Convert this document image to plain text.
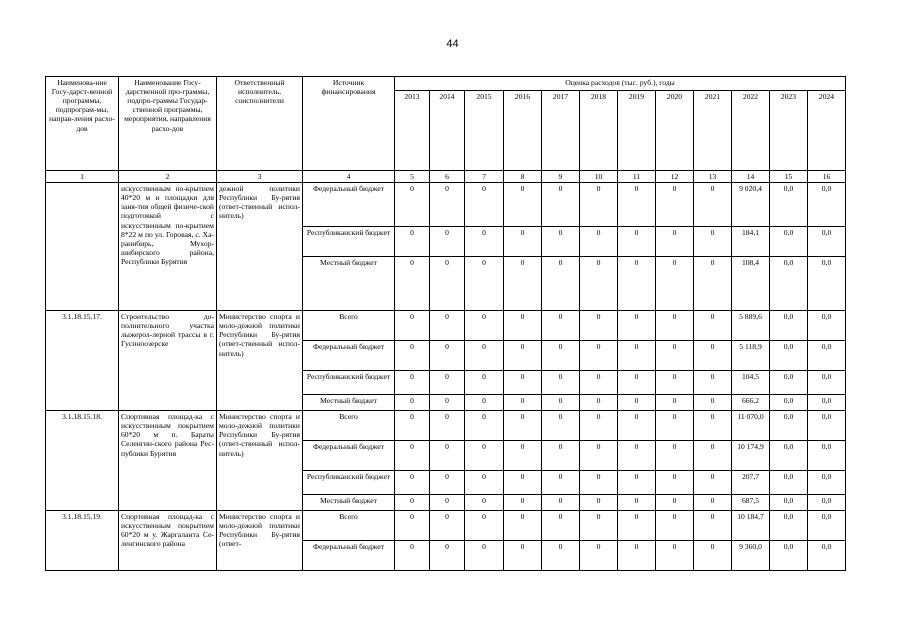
44
Наименова-ние Госу-дарст-венной программы, подпрограм-мы, направ-ления расхо-дов	Наименование Госу-дарственной про-граммы, подпро-граммы Государ-ственной программы, мероприятия, направления расхо-дов	Ответственный исполнитель, соисполнители	Источник финансирования	Оценка расходов (тыс. руб.), годы											
				2013	2014	2015	2016	2017	2018	2019	2020	2021	2022	2023	2024
1	2	3	4	5	6	7	8	9	10	11	12	13	14	15	16
	искусственным по-крытием 40*20 м и площадки для заня-тия общей физиче-ской подготовкой с искусственным по-крытием 8*22 м по ул. Горовая, с. Ха-ранибирь, Мухор-шибирского района, Республики Бурятия	дежной политики Республики Бу-рятия (ответ-ственный испол-нитель)	Федеральный бюджет	0	0	0	0	0	0	0	0	0	9 020,4	0,0	0,0
			Республиканский бюджет	0	0	0	0	0	0	0	0	0	184,1	0,0	0,0
			Местный бюджет	0	0	0	0	0	0	0	0	0	108,4	0,0	0,0
3.1.18.15.17.	Строительство до-полнительного участка лыжерол-лерной трассы в г. Гусиноозерске	Министерство спорта и моло-дежной политики Республики Бу-рятия (ответ-ственный испол-нитель)	Всего	0	0	0	0	0	0	0	0	0	5 889,6	0,0	0,0
			Федеральный бюджет	0	0	0	0	0	0	0	0	0	5 118,9	0,0	0,0
			Республиканский бюджет	0	0	0	0	0	0	0	0	0	104,5	0,0	0,0
			Местный бюджет	0	0	0	0	0	0	0	0	0	666,2	0,0	0,0
3.1.18.15.18.	Спортивная площад-ка с искусственным покрытием 60*20 м п. Бараты Селенгин-ского района Рес-публики Бурятия	Министерство спорта и моло-дежной политики Республики Бу-рятия (ответ-ственный испол-нитель)	Всего	0	0	0	0	0	0	0	0	0	11 070,0	0,0	0,0
			Федеральный бюджет	0	0	0	0	0	0	0	0	0	10 174,9	0,0	0,0
			Республиканский бюджет	0	0	0	0	0	0	0	0	0	207,7	0,0	0,0
			Местный бюджет	0	0	0	0	0	0	0	0	0	687,5	0,0	0,0
3.1.18.15.19.	Спортивная площад-ка с искусственным покрытием 60*20 м у. Жаргаланта Се-ленгинского района	Министерство спорта и моло-дежной политики Республики Бу-рятия (ответ-	Всего	0	0	0	0	0	0	0	0	0	10 184,7	0,0	0,0
			Федеральный бюджет	0	0	0	0	0	0	0	0	0	9 360,0	0,0	0,0
